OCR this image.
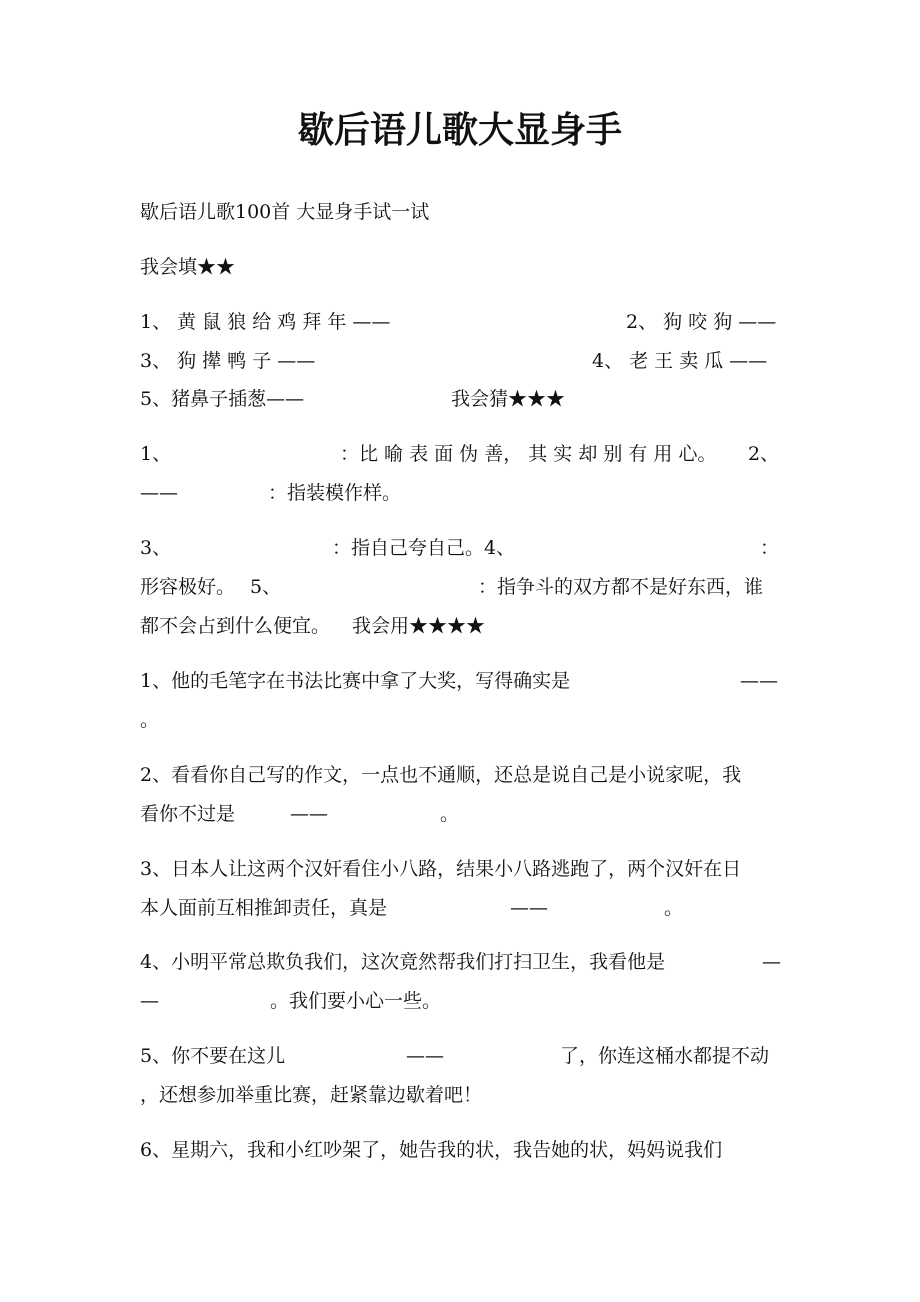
歇后语儿歌大显身手

歇后语儿歌100首 大显身手试一试

我会填★★

1、 黄 鼠 狼 给 鸡 拜 年 ——	2、 狗 咬 狗 ——

3、 狗 撵 鸭 子 ——	4、 老 王 卖 瓜 ——

5、猪鼻子插葱——	我会猜★★★

1、	：比 喻 表 面 伪 善， 其 实 却 别 有 用 心。 2、

——	：指装模作样。

3、	：指自己夸自己。4、	：

形容极好。 5、	：指争斗的双方都不是好东西，谁

都不会占到什么便宜。 我会用★★★★

1、他的毛笔字在书法比赛中拿了大奖，写得确实是	——

。

2、看看你自己写的作文，一点也不通顺，还总是说自己是小说家呢，我

看你不过是	——	。

3、日本人让这两个汉奸看住小八路，结果小八路逃跑了，两个汉奸在日

本人面前互相推卸责任，真是	——	。

4、小明平常总欺负我们，这次竟然帮我们打扫卫生，我看他是	—

—	。我们要小心一些。

5、你不要在这儿	——	了，你连这桶水都提不动

，还想参加举重比赛，赶紧靠边歇着吧！

6、星期六，我和小红吵架了，她告我的状，我告她的状，妈妈说我们
